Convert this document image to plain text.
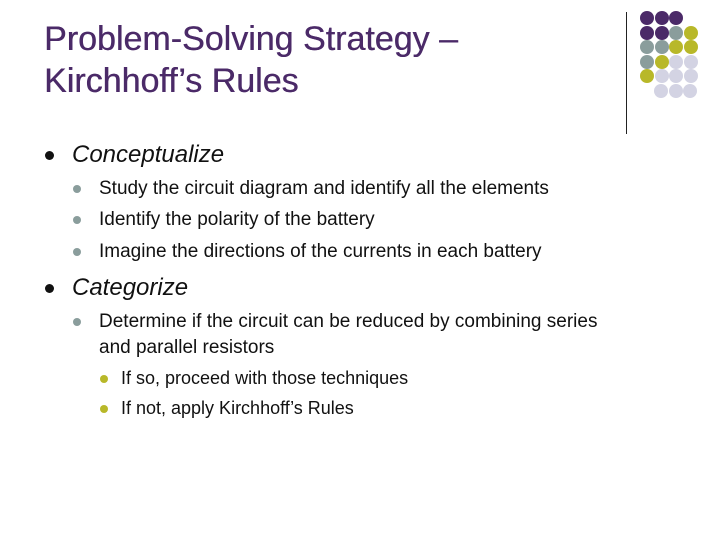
Problem-Solving Strategy –
Kirchhoff’s Rules
Conceptualize
Study the circuit diagram and identify all the elements
Identify the polarity of the battery
Imagine the directions of the currents in each battery
Categorize
Determine if the circuit can be reduced by combining series
and parallel resistors
If so, proceed with those techniques
If not, apply Kirchhoff’s Rules
